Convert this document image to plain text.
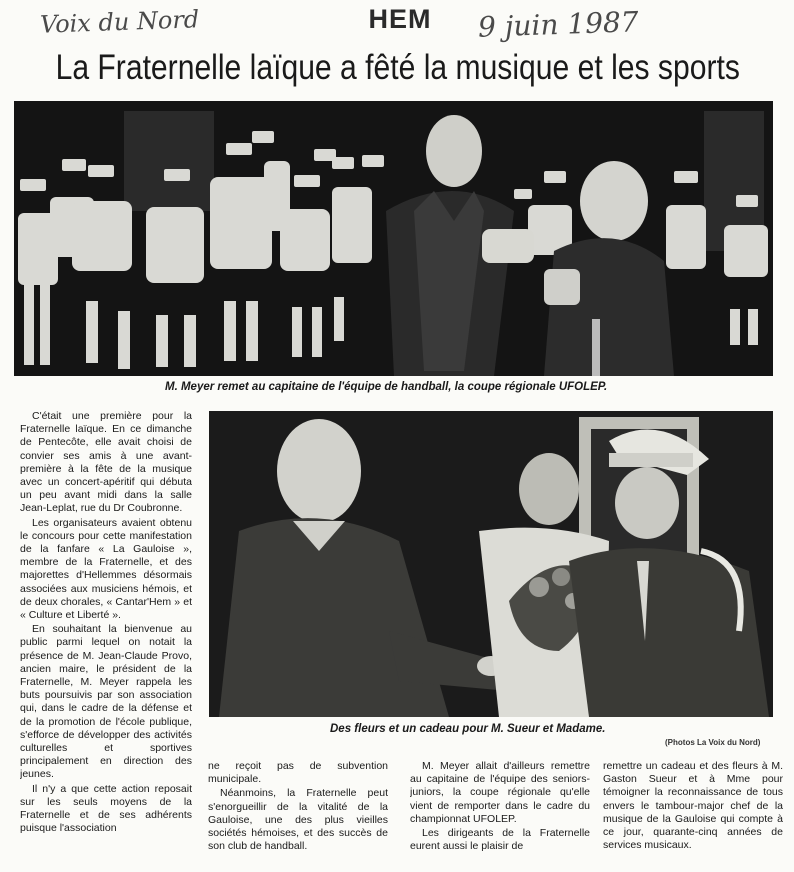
Voix du Nord	9 juin 1987
HEM
La Fraternelle laïque a fêté la musique et les sports
M. Meyer remet au capitaine de l'équipe de handball, la coupe régionale UFOLEP.

C'était une première pour la Fraternelle laïque. En ce dimanche de Pentecôte, elle avait choisi de convier ses amis à une avant-première à la fête de la musique avec un concert-apéritif qui débuta un peu avant midi dans la salle Jean-Leplat, rue du Dr Coubronne.

Les organisateurs avaient obtenu le concours pour cette manifestation de la fanfare « La Gauloise », membre de la Fraternelle, et des majorettes d'Hellemmes désormais associées aux musiciens hémois, et de deux chorales, « Cantar'Hem » et « Culture et Liberté ».

En souhaitant la bienvenue au public parmi lequel on notait la présence de M. Jean-Claude Provo, ancien maire, le président de la Fraternelle, M. Meyer rappela les buts poursuivis par son association qui, dans le cadre de la défense et de la promotion de l'école publique, s'efforce de développer des activités culturelles et sportives principalement en direction des jeunes.

Il n'y a que cette action reposait sur les seuls moyens de la Fraternelle et de ses adhérents puisque l'association

Des fleurs et un cadeau pour M. Sueur et Madame.
(Photos La Voix du Nord)

ne reçoit pas de subvention municipale.

Néanmoins, la Fraternelle peut s'enorgueillir de la vitalité de la Gauloise, une des plus vieilles sociétés hémoises, et des succès de son club de handball.

M. Meyer allait d'ailleurs remettre au capitaine de l'équipe des seniors-juniors, la coupe régionale qu'elle vient de remporter dans le cadre du championnat UFOLEP.

Les dirigeants de la Fraternelle eurent aussi le plaisir de

remettre un cadeau et des fleurs à M. Gaston Sueur et à Mme pour témoigner la reconnaissance de tous envers le tambour-major chef de la musique de la Gauloise qui compte à ce jour, quarante-cinq années de services musicaux.
